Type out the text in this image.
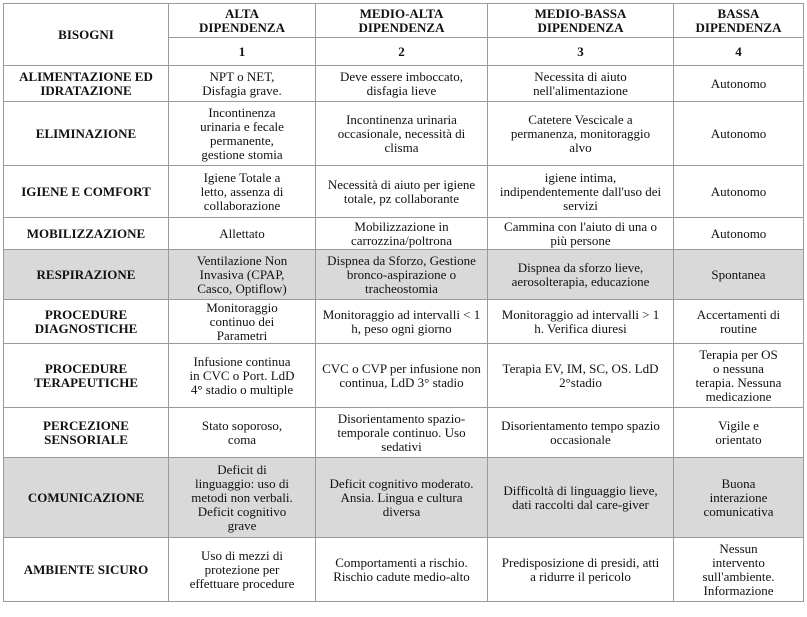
BISOGNI	ALTA
DIPENDENZA	MEDIO-ALTA
DIPENDENZA	MEDIO-BASSA
DIPENDENZA	BASSA
DIPENDENZA

	1	2	3	4

ALIMENTAZIONE ED
IDRATAZIONE	NPT o NET,
Disfagia grave.	Deve essere imboccato,
disfagia lieve	Necessita di aiuto
nell'alimentazione	Autonomo

ELIMINAZIONE	Incontinenza
urinaria e fecale
permanente,
gestione stomia	Incontinenza urinaria
occasionale, necessità di
clisma	Catetere Vescicale a
permanenza, monitoraggio
alvo	Autonomo

IGIENE E COMFORT	Igiene Totale a
letto, assenza di
collaborazione	Necessità di aiuto per igiene
totale, pz collaborante	igiene intima,
indipendentemente dall'uso dei
servizi	Autonomo

MOBILIZZAZIONE	Allettato	Mobilizzazione in
carrozzina/poltrona	Cammina con l'aiuto di una o
più persone	Autonomo

RESPIRAZIONE	Ventilazione Non
Invasiva (CPAP,
Casco, Optiflow)	Dispnea da Sforzo, Gestione
bronco-aspirazione o
tracheostomia	Dispnea da sforzo lieve,
aerosolterapia, educazione	Spontanea

PROCEDURE
DIAGNOSTICHE	Monitoraggio
continuo dei
Parametri	Monitoraggio ad intervalli < 1
h, peso ogni giorno	Monitoraggio ad intervalli > 1
h. Verifica diuresi	Accertamenti di
routine

PROCEDURE
TERAPEUTICHE	Infusione continua
in CVC o Port. LdD
4° stadio o multiple	CVC o CVP per infusione non
continua, LdD 3° stadio	Terapia EV, IM, SC, OS. LdD
2°stadio	Terapia per OS
o nessuna
terapia. Nessuna
medicazione

PERCEZIONE
SENSORIALE	Stato soporoso,
coma	Disorientamento spazio-
temporale continuo. Uso
sedativi	Disorientamento tempo spazio
occasionale	Vigile e
orientato

COMUNICAZIONE	Deficit di
linguaggio: uso di
metodi non verbali.
Deficit cognitivo
grave	Deficit cognitivo moderato.
Ansia. Lingua e cultura
diversa	Difficoltà di linguaggio lieve,
dati raccolti dal care-giver	Buona
interazione
comunicativa

AMBIENTE SICURO	Uso di mezzi di
protezione per
effettuare procedure	Comportamenti a rischio.
Rischio cadute medio-alto	Predisposizione di presidi, atti
a ridurre il pericolo	Nessun
intervento
sull'ambiente.
Informazione
